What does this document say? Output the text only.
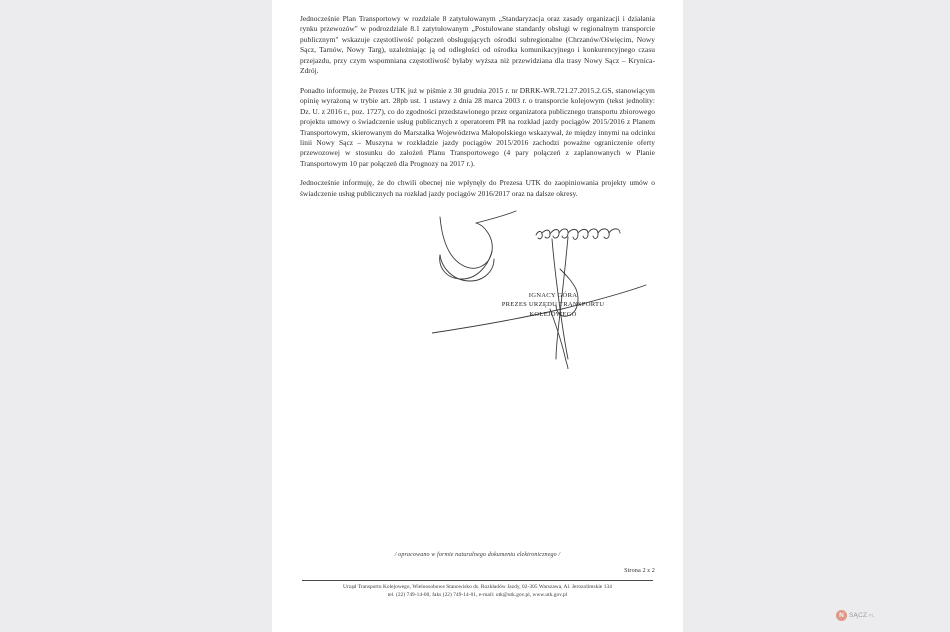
Jednocześnie Plan Transportowy w rozdziale 8 zatytułowanym „Standaryzacja oraz zasady organizacji i działania rynku przewozów" w podrozdziale 8.1 zatytułowanym „Postulowane standardy obsługi w regionalnym transporcie publicznym" wskazuje częstotliwość połączeń obsługujących ośrodki subregionalne (Chrzanów/Oświęcim, Nowy Sącz, Tarnów, Nowy Targ), uzależniając ją od odległości od ośrodka komunikacyjnego i konkurencyjnego czasu przejazdu, przy czym wspomniana częstotliwość byłaby wyższa niż przewidziana dla trasy Nowy Sącz – Krynica-Zdrój.

Ponadto informuję, że Prezes UTK już w piśmie z 30 grudnia 2015 r. nr DRRK-WR.721.27.2015.2.GS, stanowiącym opinię wyrażoną w trybie art. 28pb ust. 1 ustawy z dnia 28 marca 2003 r. o transporcie kolejowym (tekst jednolity: Dz. U. z 2016 r., poz. 1727), co do zgodności przedstawionego przez organizatora publicznego transportu zbiorowego projektu umowy o świadczenie usług publicznych z operatorem PR na rozkład jazdy pociągów 2015/2016 z Planem Transportowym, skierowanym do Marszałka Województwa Małopolskiego wskazywał, że między innymi na odcinku linii Nowy Sącz – Muszyna w rozkładzie jazdy pociągów 2015/2016 zachodzi poważne ograniczenie oferty przewozowej w stosunku do założeń Planu Transportowego (4 pary połączeń z zaplanowanych w Planie Transportowym 10 par połączeń dla Prognozy na 2017 r.).

Jednocześnie informuję, że do chwili obecnej nie wpłynęły do Prezesa UTK do zaopiniowania projekty umów o świadczenie usług publicznych na rozkład jazdy pociągów 2016/2017 oraz na dalsze okresy.

IGNACY GÓRA
PREZES URZĘDU TRANSPORTU
KOLEJOWEGO
/ opracowano w formie naturalnego dokumentu elektronicznego /
Strona 2 z 2
Urząd Transportu Kolejowego, Wieloosobowe Stanowisko ds. Rozkładów Jazdy, 02-305 Warszawa, Al. Jerozolimskie 134
tel. (22) 749-14-00, faks (22) 749-14-01, e-mail: utk@utk.gov.pl, www.utk.gov.pl
N SĄCZ.PL
